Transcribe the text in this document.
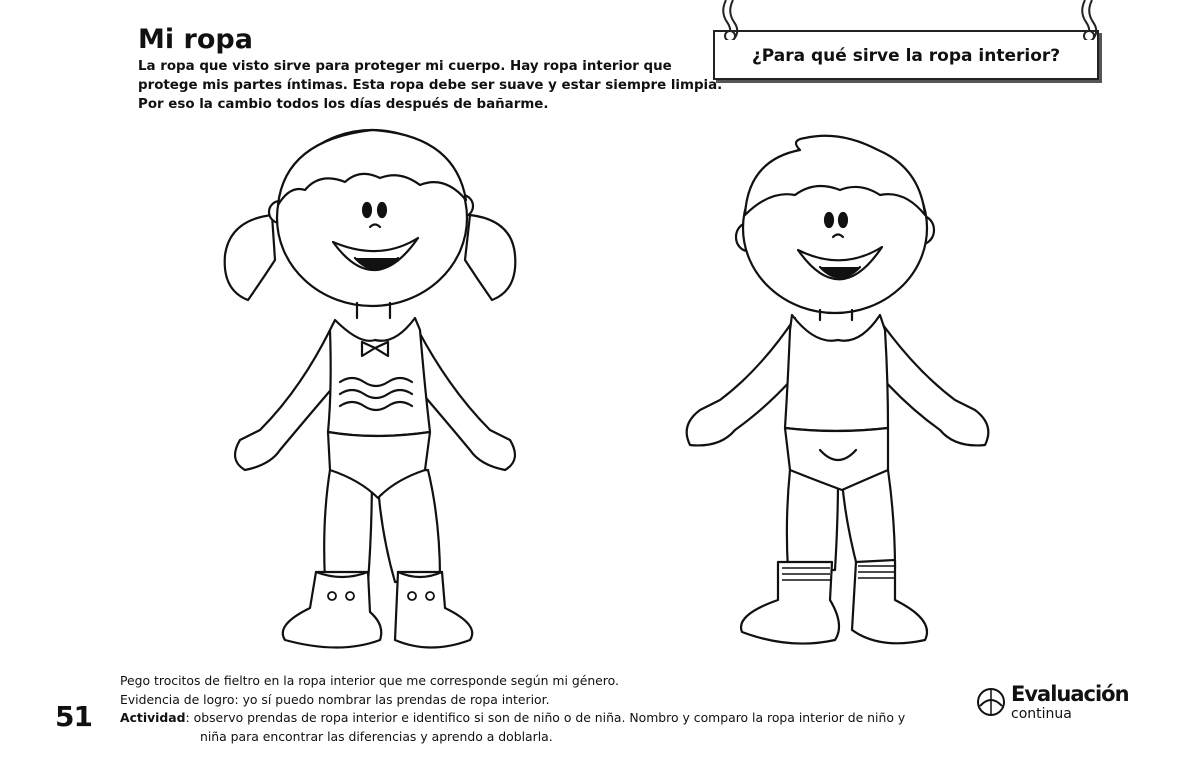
Mi ropa
La ropa que visto sirve para proteger mi cuerpo. Hay ropa interior que
protege mis partes íntimas. Esta ropa debe ser suave y estar siempre limpia.
Por eso la cambio todos los días después de bañarme.
¿Para qué sirve la ropa interior?
Pego trocitos de fieltro en la ropa interior que me corresponde según mi género.
Evidencia de logro: yo sí puedo nombrar las prendas de ropa interior.
Actividad: observo prendas de ropa interior e identifico si son de niño o de niña. Nombro y comparo la ropa interior de niño y
niña para encontrar las diferencias y aprendo a doblarla.
51
Evaluación
continua
